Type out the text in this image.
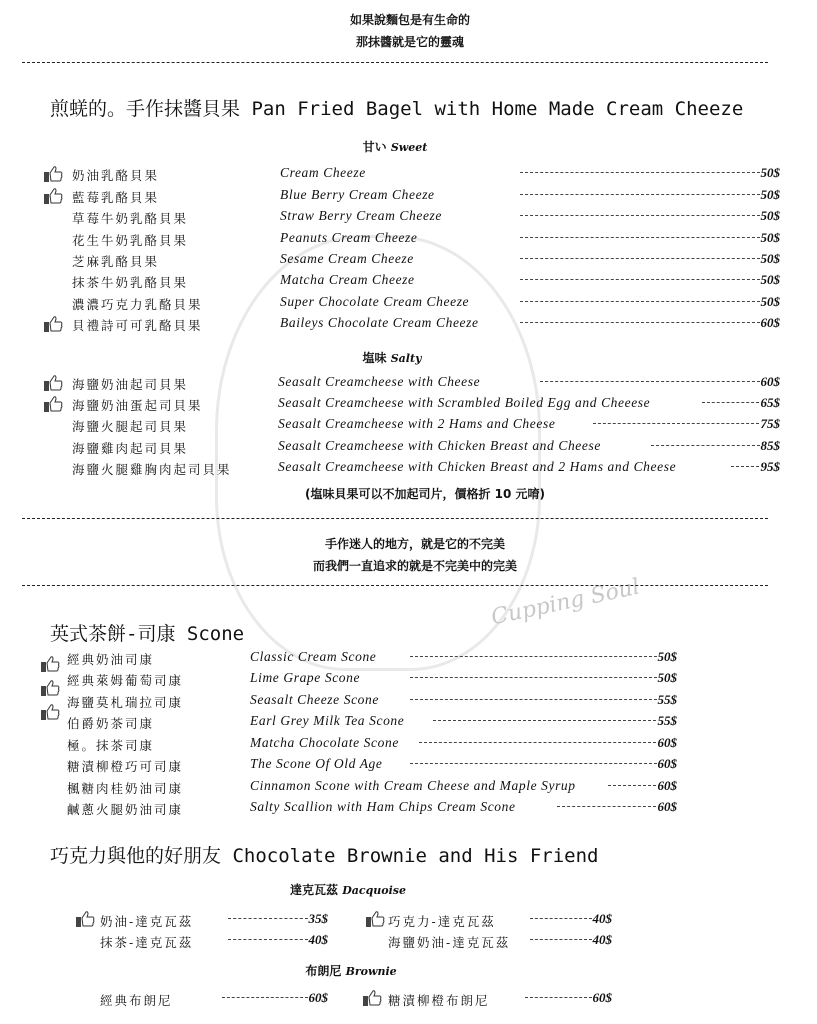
Cupping Soul
如果說麵包是有生命的
那抹醬就是它的靈魂
煎蜣的。手作抹醬貝果 Pan Fried Bagel with Home Made Cream Cheeze
甘い Sweet
塩味 Salty
(塩味貝果可以不加起司片，價格折 10 元唷)
手作迷人的地方，就是它的不完美
而我們一直追求的就是不完美中的完美
英式茶餅-司康 Scone
巧克力與他的好朋友 Chocolate Brownie and His Friend
達克瓦茲 Dacquoise
布朗尼 Brownie
奶油乳酪貝果	Cream Cheeze	50$
藍莓乳酪貝果	Blue Berry Cream Cheeze	50$
草莓牛奶乳酪貝果	Straw Berry Cream Cheeze	50$
花生牛奶乳酪貝果	Peanuts Cream Cheeze	50$
芝麻乳酪貝果	Sesame Cream Cheeze	50$
抹茶牛奶乳酪貝果	Matcha Cream Cheeze	50$
濃濃巧克力乳酪貝果	Super Chocolate Cream Cheeze	50$
貝禮詩可可乳酪貝果	Baileys Chocolate Cream Cheeze	60$
海鹽奶油起司貝果	Seasalt Creamcheese with Cheese	60$
海鹽奶油蛋起司貝果	Seasalt Creamcheese with Scrambled Boiled Egg and Cheeese	65$
海鹽火腿起司貝果	Seasalt Creamcheese with 2 Hams and Cheese	75$
海鹽雞肉起司貝果	Seasalt Creamcheese with Chicken Breast and Cheese	85$
海鹽火腿雞胸肉起司貝果	Seasalt Creamcheese with Chicken Breast and 2 Hams and Cheese	95$
經典奶油司康	Classic Cream Scone	50$
經典萊姆葡萄司康	Lime Grape Scone	50$
海鹽莫札瑞拉司康	Seasalt Cheeze Scone	55$
伯爵奶茶司康	Earl Grey Milk Tea Scone	55$
極。抹茶司康	Matcha Chocolate Scone	60$
糖漬柳橙巧可司康	The Scone Of Old Age	60$
楓糖肉桂奶油司康	Cinnamon Scone with Cream Cheese and Maple Syrup	60$
鹹蔥火腿奶油司康	Salty Scallion with Ham Chips Cream Scone	60$
奶油-達克瓦茲	35$	巧克力-達克瓦茲	40$
抹茶-達克瓦茲	40$	海鹽奶油-達克瓦茲	40$
經典布朗尼	60$	糖漬柳橙布朗尼	60$
